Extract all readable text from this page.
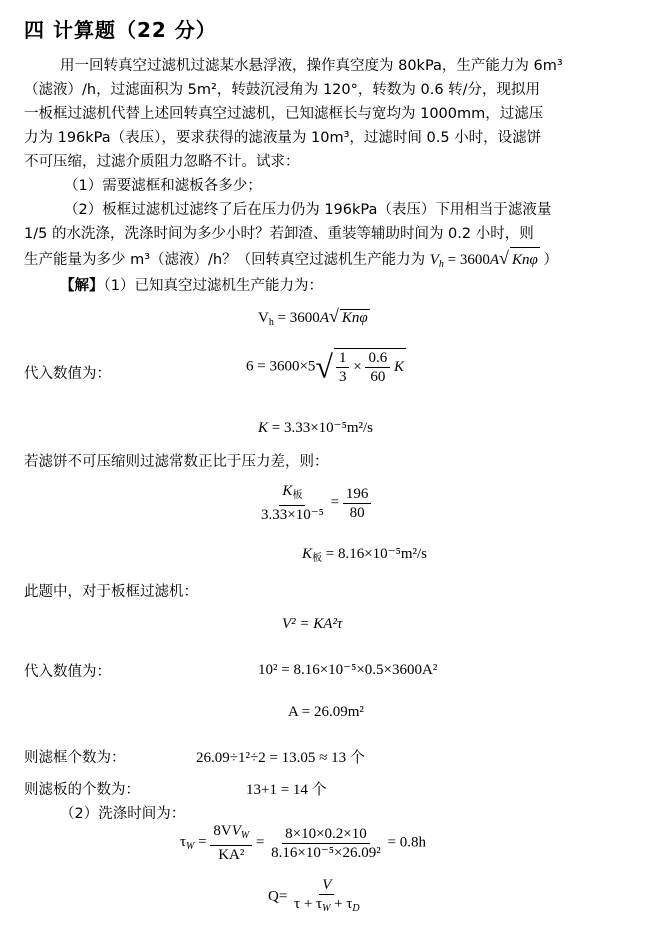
四 计算题（22 分）
用一回转真空过滤机过滤某水悬浮液，操作真空度为 80kPa，生产能力为 6m³
（滤液）/h，过滤面积为 5m²，转鼓沉浸角为 120°，转数为 0.6 转/分，现拟用
一板框过滤机代替上述回转真空过滤机，已知滤框长与宽均为 1000mm，过滤压
力为 196kPa（表压），要求获得的滤液量为 10m³，过滤时间 0.5 小时，设滤饼
不可压缩，过滤介质阻力忽略不计。试求：
（1）需要滤框和滤板各多少；
（2）板框过滤机过滤终了后在压力仍为 196kPa（表压）下用相当于滤液量
1/5 的水洗涤，洗涤时间为多少小时？若卸渣、重装等辅助时间为 0.2 小时，则
生产能量为多少 m³（滤液）/h？（回转真空过滤机生产能力为 $V_h = 3600A√$ Knφ ）
【解】（1）已知真空过滤机生产能力为：
$V_h = 3600A√$ Knφ
代入数值为：	$6 = 3600\times 5√ \frac{1}{3} \times \frac{0.6}{60}$ K
K = 3.33×10⁻⁵m²/s
若滤饼不可压缩则过滤常数正比于压力差，则：
$\frac{K_板}{\text{3.33×10⁻⁵}} = \frac{196}{80}$
$K_板 = 8.16\times 10^{-5}m^2/s$
此题中，对于板框过滤机：
V² = KA²τ
代入数值为：	10² = 8.16×10⁻⁵×0.5×3600A²
A = 26.09m²
则滤框个数为：	26.09÷1²÷2 = 13.05 ≈ 13 个
则滤板的个数为：	13+1 = 14 个
（2）洗涤时间为：
$\tau_W = \frac{8VV_W}{\text{KA²}} = \frac{8\times 10\times 0.2\times 10}{\text{8.16×10⁻⁵×26.09²}} = 0.8h$
$Q= \frac{V}{\tau + \tau_W + \tau_D}$
